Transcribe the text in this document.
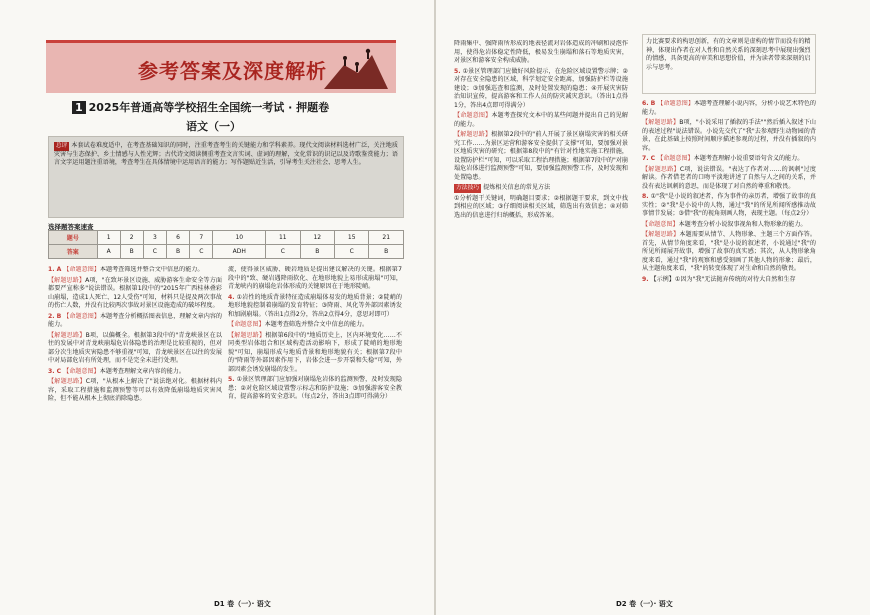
参考答案及深度解析
1 2025年普通高等学校招生全国统一考试 · 押题卷
语文（一）

总评 本套试卷难度适中，在考查基础知识的同时，注重考查考生的关键能力和学科素养。现代文阅读材料选材广泛，关注地质灾害与生态保护、乡土情感与人性光辉；古代诗文阅读侧重考查文言实词、虚词的理解，文化常识的识记以及诗歌鉴赏能力；语言文字运用题注重语境，考查考生在具体情境中运用语言的能力；写作题贴近生活，引导考生关注社会、思考人生。

选择题答案速查
题号	1	2	3	6	7	10	11	12	15	21
答案	A	B	C	B	C	ADH	C	B	C	B

1. A 【命题意图】本题考查筛选并整合文中信息的能力。

【解题思路】A项，"在致坏景区设施、威胁游客生命安全等方面都要严宣称多"说法错误。根据第1段中的"2015年广西桂林叠彩山崩塌，造成1人死亡、12人受伤"可知，材料只是提及两次事故的伤亡人数，并没有比较两次事故对景区设施造成的破坏程度。

2. B 【命题意图】本题考查分析概括图表信息，理解文章内容的能力。

【解题思路】B项，以偏概全。根据第3段中的"青龙峡景区在以往的发展中对青龙峡崩塌危岩体隐患的治理是比较重视的，但对部分次生地质灾害隐患不够重视"可知，青龙峡景区在以往的发展中对局部危岩有所处理，而不是完全未进行处理。

3. C 【命题意图】本题考查理解文章内容的能力。

【解题思路】C项，"从根本上解决了"说法绝对化。根据材料内容，采取工程措施和监测预警等可以有效降低崩塌地质灾害风险，但不能从根本上彻底消除隐患。

流，使得景区威胁、硬岩地质是提出建议解决的关键。根据第7段中的"致、硬岩遇降雨软化、在地形地貌上易形成崩塌"可知，青龙峡内的崩塌危岩体形成的关键原因在于地形陡峭。

4. ①岩性的地质背景特征造成崩塌体易发的地质背景；②陡峭的地形地貌控制着崩塌的发育特征；③降雨、风化等外部因素诱发和加剧崩塌。（答出1点得2分，答出2点得4分，意思对即可）

【命题意图】本题考查筛选并整合文中信息的能力。

【解题思路】根据第6段中的"地质历史上，区内环境变化……不同类型岩体组合和区域构造活动影响下，形成了陡峭的地形地貌"可知，崩塌形成与地质背景和地形地貌有关；根据第7段中的"降雨等外部因素作用下，岩体会进一步开裂和失稳"可知，外部因素会诱发崩塌的发生。

5. ①景区管理部门应加强对崩塌危岩体的监测预警，及时发现隐患；②对危险区域设置警示标志和防护设施；③加强游客安全教育，提高游客的安全意识。（每点2分，答出3点即可得满分）

D1 卷（一）· 语文

降雨集中、强降雨所形成的地表径流对岩体造成的冲刷和浸泡作用，使得危岩体稳定性降低，极易发生崩塌和落石等地质灾害，对景区和游客安全构成威胁。

5. ①景区管理部门应做好风险提示，在危险区域设置警示牌；②对存在安全隐患的区域，科学划定安全距离，加强防护栏等设施建设；③加强巡查和监测，及时处置发现的隐患；④开展灾害防治知识宣传，提高游客和工作人员的防灾减灾意识。（答出1点得1分，答出4点即可得满分）

【命题意图】本题考查探究文本中的某些问题并提出自己的见解的能力。

【解题思路】根据第2段中的"前人开展了景区崩塌灾害的相关研究工作……为景区运营和游客安全提供了支撑"可知，要加强对景区地质灾害的研究；根据第8段中的"有针对性地实施工程措施，设置防护栏"可知，可以采取工程治理措施；根据第7段中的"对崩塌危岩体进行监测预警"可知，要加强监测预警工作，及时发现和处置隐患。

方法技巧 提炼相关信息的常见方法

①分析题干关键词，明确题目要求；②根据题干要求，到文中找到相应的区域；③仔细阅读相关区域，筛选出有效信息；④对筛选出的信息进行归纳概括，形成答案。

力比赛要求的构思创新，有的文章则是虚构的情节而没有的精神，体现出作者在对人性和自然关系的深刻思考中展现出强烈的情感，具备更高的审美和思想价值，并为读者带来深刻的启示与思考。

6. B 【命题意图】本题考查理解小说内容，分析小说艺术特色的能力。

【解题思路】B项，"小说采用了插叙的手法""然后插入叙述下山的表述过程"说法错误。小说先交代了"我"去参观野生动物园的背景，在此基础上按照时间顺序描述参观的过程，并没有插叙的内容。

7. C 【命题意图】本题考查理解小说重要语句含义的能力。

【解题思路】C项，说法错误。"表达了作者对……的讽刺"过度解读。作者借老者的口吻平淡地讲述了自然与人之间的关系，并没有表达讽刺的意思，而是体现了对自然的尊重和敬畏。

8. ①"我"是小说的叙述者，作为事件的亲历者，增强了故事的真实性；②"我"是小说中的人物，通过"我"的所见所闻所感推动故事情节发展；③借"我"的视角刻画人物，表现主题。（每点2分）

【命题意图】本题考查分析小说叙事视角和人物形象的能力。

【解题思路】本题需要从情节、人物形象、主题三个方面作答。首先，从情节角度来看，"我"是小说的叙述者，小说通过"我"的所见所闻展开故事，增强了故事的真实感；其次，从人物形象角度来看，通过"我"的观察和感受刻画了其他人物的形象；最后，从主题角度来看，"我"的转变体现了对生命和自然的敬畏。

9. 【示例】①因为"我"无法抛弃传统的对待大自然和生存

D2 卷（一）· 语文
